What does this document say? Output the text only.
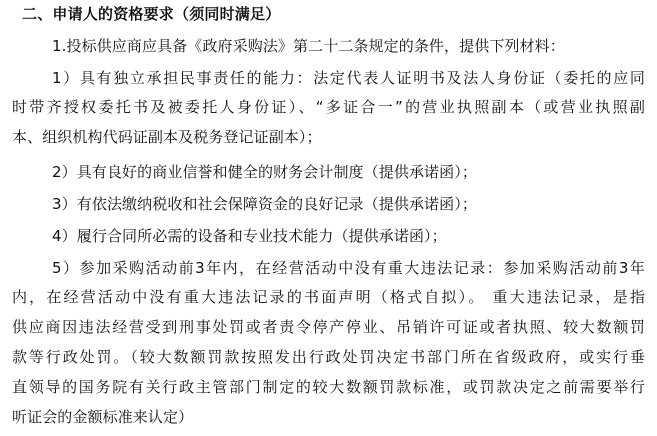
二、申请人的资格要求（须同时满足）
1.投标供应商应具备《政府采购法》第二十二条规定的条件，提供下列材料：
1）具有独立承担民事责任的能力：法定代表人证明书及法人身份证（委托的应同
时带齐授权委托书及被委托人身份证）、“多证合一”的营业执照副本（或营业执照副
本、组织机构代码证副本及税务登记证副本）；
2）具有良好的商业信誉和健全的财务会计制度（提供承诺函）；
3）有依法缴纳税收和社会保障资金的良好记录（提供承诺函）；
4）履行合同所必需的设备和专业技术能力（提供承诺函）；
5）参加采购活动前3年内，在经营活动中没有重大违法记录：参加采购活动前3年
内，在经营活动中没有重大违法记录的书面声明（格式自拟）。 重大违法记录，是指
供应商因违法经营受到刑事处罚或者责令停产停业、吊销许可证或者执照、较大数额罚
款等行政处罚。（较大数额罚款按照发出行政处罚决定书部门所在省级政府，或实行垂
直领导的国务院有关行政主管部门制定的较大数额罚款标准，或罚款决定之前需要举行
听证会的金额标准来认定）
